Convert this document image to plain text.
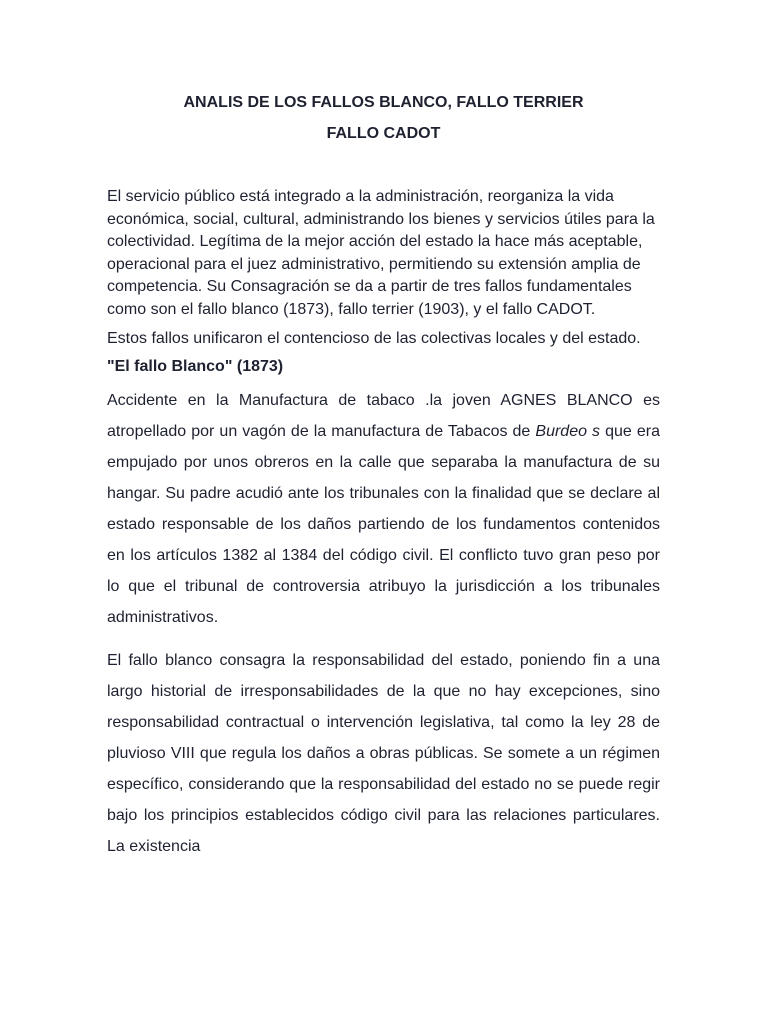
ANALIS DE LOS FALLOS BLANCO, FALLO TERRIER

FALLO CADOT

El servicio público está integrado a la administración, reorganiza la vida económica, social, cultural, administrando los bienes y servicios útiles para la colectividad. Legítima de la mejor acción del estado la hace más aceptable, operacional para el juez administrativo, permitiendo su extensión amplia de competencia. Su Consagración se da a partir de tres fallos fundamentales como son el fallo blanco (1873), fallo terrier (1903), y el fallo CADOT.

Estos fallos unificaron el contencioso de las colectivas locales y del estado.

"El fallo Blanco" (1873)

Accidente en la Manufactura de tabaco .la joven AGNES BLANCO es atropellado por un vagón de la manufactura de Tabacos de Burdeo s que era empujado por unos obreros en la calle que separaba la manufactura de su hangar. Su padre acudió ante los tribunales con la finalidad que se declare al estado responsable de los daños partiendo de los fundamentos contenidos en los artículos 1382 al 1384 del código civil. El conflicto tuvo gran peso por lo que el tribunal de controversia atribuyo la jurisdicción a los tribunales administrativos.

El fallo blanco consagra la responsabilidad del estado, poniendo fin a una largo historial de irresponsabilidades de la que no hay excepciones, sino responsabilidad contractual o intervención legislativa, tal como la ley 28 de pluvioso VIII que regula los daños a obras públicas. Se somete a un régimen específico, considerando que la responsabilidad del estado no se puede regir bajo los principios establecidos código civil para las relaciones particulares. La existencia
